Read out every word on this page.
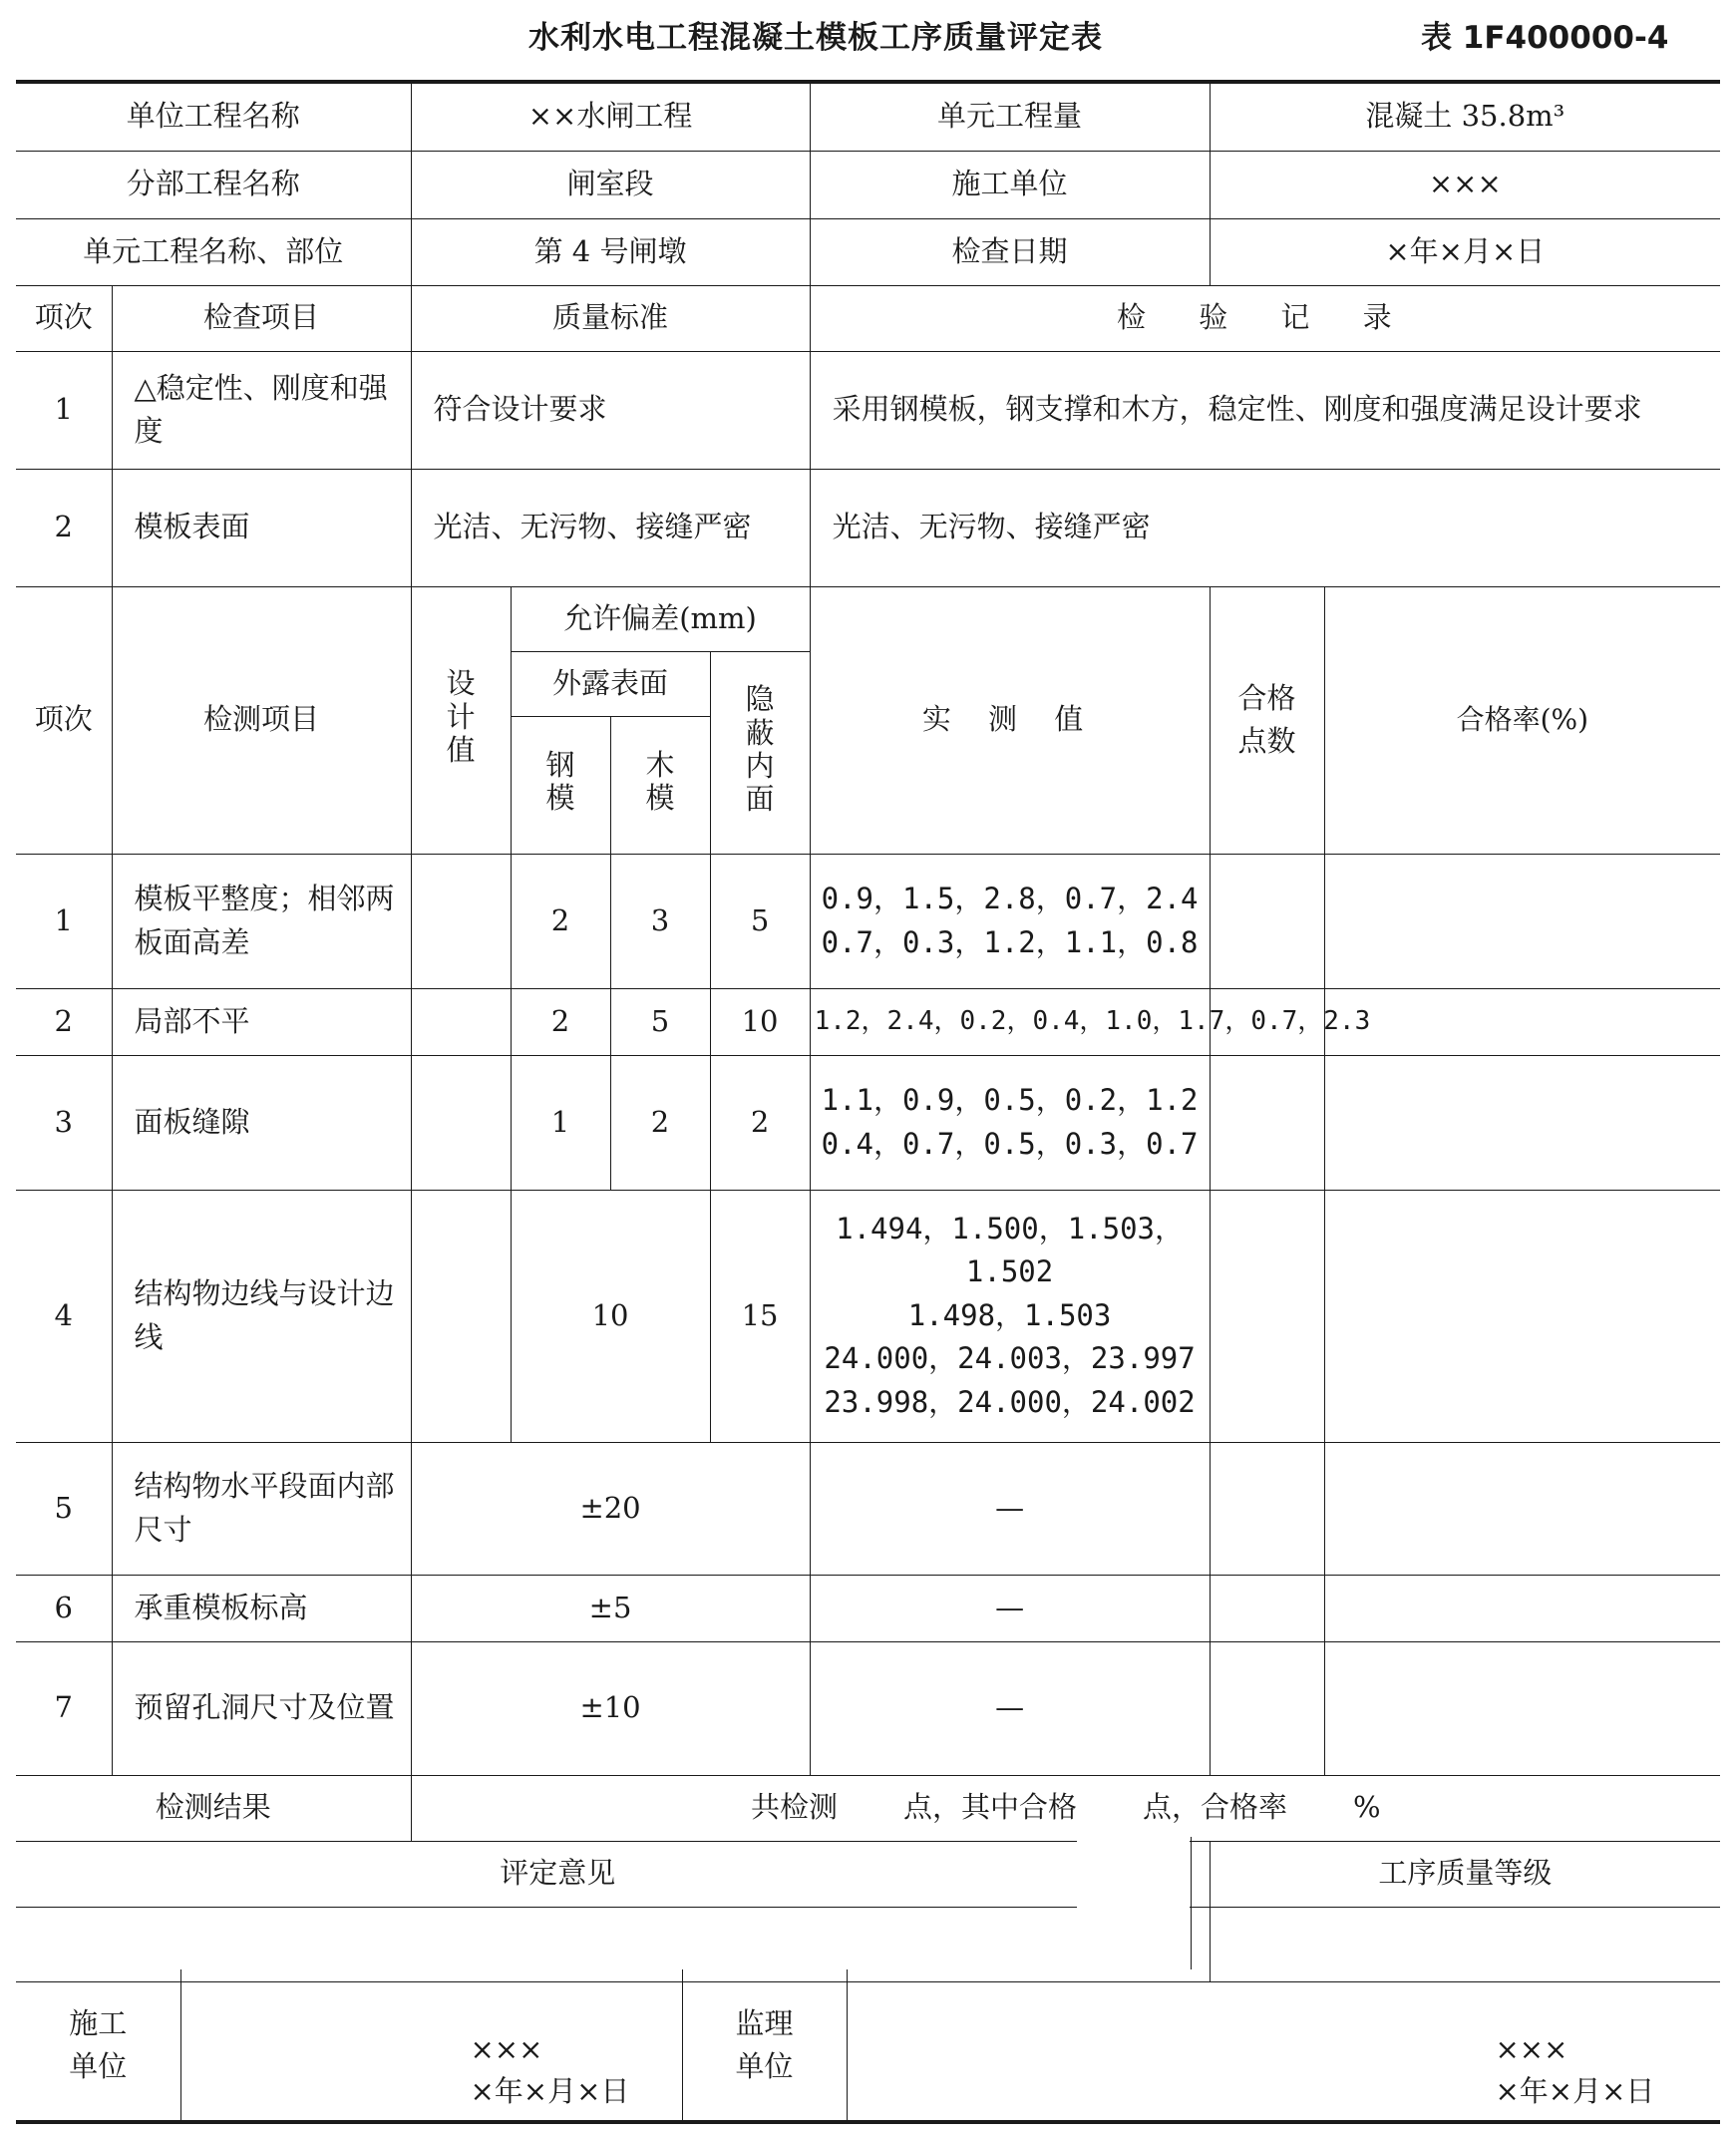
水利水电工程混凝土模板工序质量评定表	表 1F400000-4
单位工程名称		××水闸工程				单元工程量	混凝土 35.8m³	
分部工程名称		闸室段				施工单位	×××	
单元工程名称、部位		第 4 号闸墩				检查日期	×年×月×日	
项次	检查项目	质量标准				检 验 记 录		
1	△稳定性、刚度和强度	符合设计要求				采用钢模板，钢支撑和木方，稳定性、刚度和强度满足设计要求		
2	模板表面	光洁、无污物、接缝严密				光洁、无污物、接缝严密		
项次	检测项目	设计值	允许偏差(mm)			实 测 值	合格点数	合格率(%)
			外露表面		隐蔽内面			
			钢模	木模				
1	模板平整度；相邻两板面高差		2	3	5	0.9，1.5，2.8，0.7，2.4
0.7，0.3，1.2，1.1，0.8		

2	局部不平		2	5	10	1.2，2.4，0.2，0.4，1.0，1.7，0.7，2.3		

3	面板缝隙		1	2	2	1.1，0.9，0.5，0.2，1.2
0.4，0.7，0.5，0.3，0.7		

4	结构物边线与设计边线		10		15	1.494，1.500，1.503，1.502
1.498，1.503
24.000，24.003，23.997
23.998，24.000，24.002		

5	结构物水平段面内部尺寸	±20				—		
6	承重模板标高	±5				—		
7	预留孔洞尺寸及位置	±10				—		
检测结果		共检测 点，其中合格 点，合格率 %						
评定意见							工序质量等级	

施工单位	×××
×年×月×日
	监理单位	×××
×年×月×日
